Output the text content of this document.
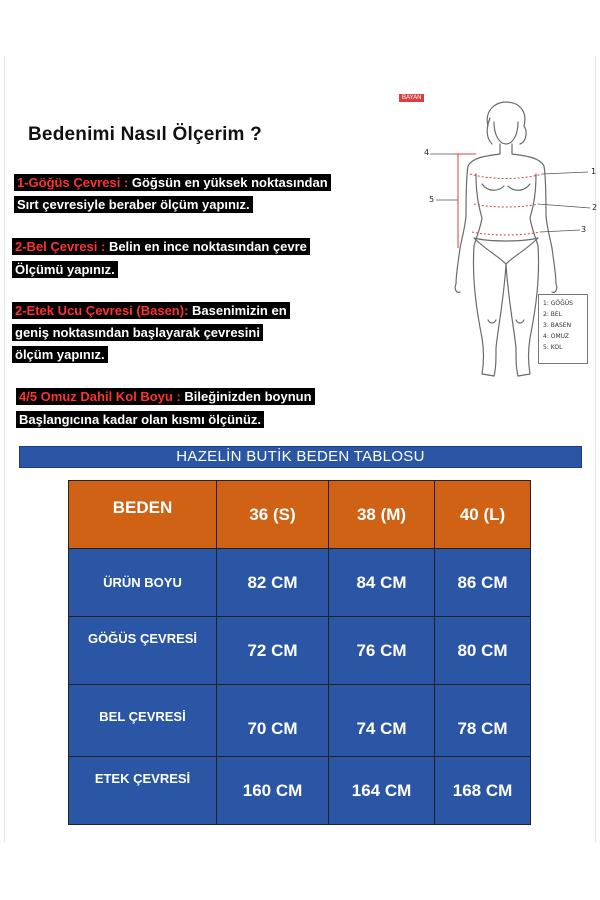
Bedenimi Nasıl Ölçerim ?
1-Göğüs Çevresi : Göğsün en yüksek noktasından
Sırt çevresiyle beraber ölçüm yapınız.
2-Bel Çevresi : Belin en ince noktasından çevre
Ölçümü yapınız.
2-Etek Ucu Çevresi (Basen): Basenimizin en
geniş noktasından başlayarak çevresini
ölçüm yapınız.
4/5 Omuz Dahil Kol Boyu : Bileğinizden boynun
Başlangıcına kadar olan kısmı ölçünüz.
BAYAN
1
2
3
4
5
1: GÖĞÜS
2: BEL
3: BASEN
4: OMUZ
5: KOL
HAZELİN BUTİK BEDEN TABLOSU
BEDEN	36 (S)	38 (M)	40 (L)
ÜRÜN BOYU	82 CM	84 CM	86 CM
GÖĞÜS ÇEVRESİ	72 CM	76 CM	80 CM
BEL ÇEVRESİ	70 CM	74 CM	78 CM
ETEK ÇEVRESİ	160 CM	164 CM	168 CM
